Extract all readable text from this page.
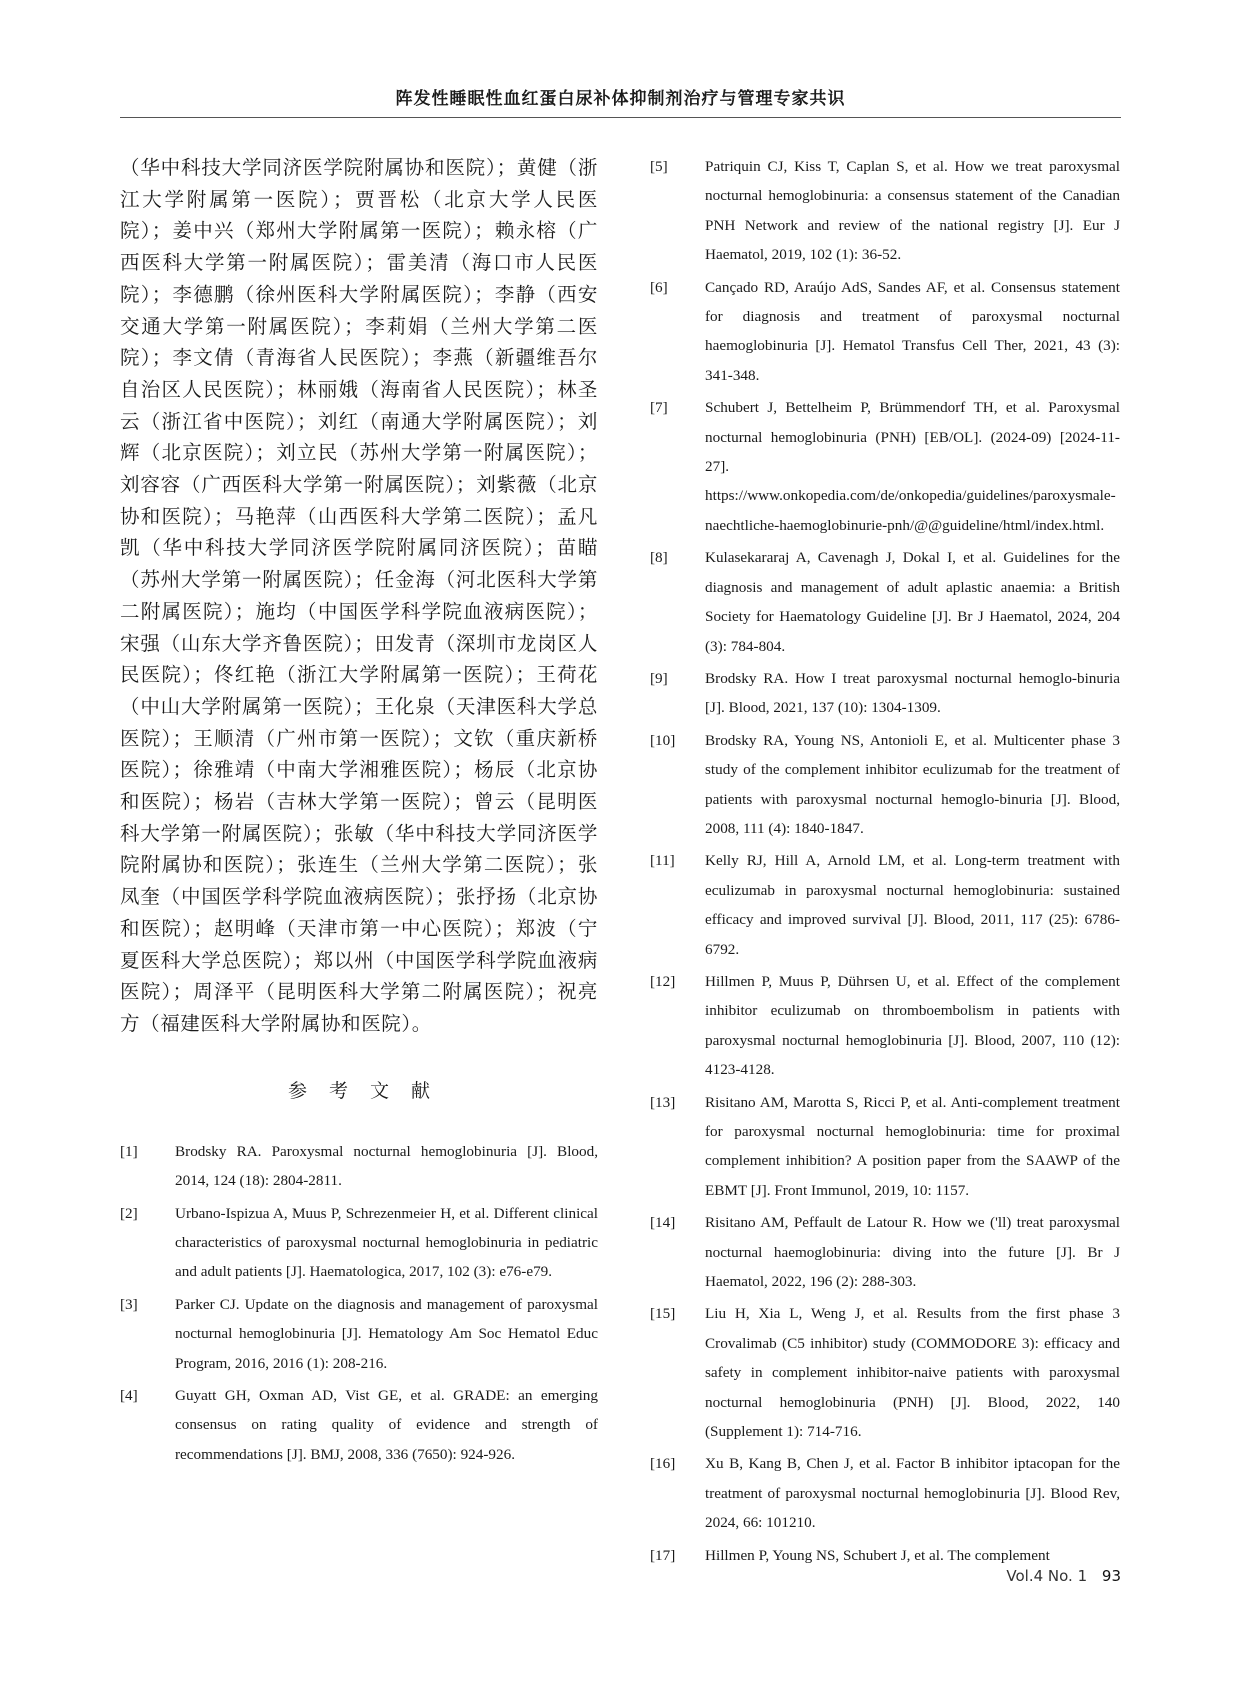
阵发性睡眠性血红蛋白尿补体抑制剂治疗与管理专家共识

（华中科技大学同济医学院附属协和医院）；黄健（浙江大学附属第一医院）；贾晋松（北京大学人民医院）；姜中兴（郑州大学附属第一医院）；赖永榕（广西医科大学第一附属医院）；雷美清（海口市人民医院）；李德鹏（徐州医科大学附属医院）；李静（西安交通大学第一附属医院）；李莉娟（兰州大学第二医院）；李文倩（青海省人民医院）；李燕（新疆维吾尔自治区人民医院）；林丽娥（海南省人民医院）；林圣云（浙江省中医院）；刘红（南通大学附属医院）；刘辉（北京医院）；刘立民（苏州大学第一附属医院）；刘容容（广西医科大学第一附属医院）；刘紫薇（北京协和医院）；马艳萍（山西医科大学第二医院）；孟凡凯（华中科技大学同济医学院附属同济医院）；苗瞄（苏州大学第一附属医院）；任金海（河北医科大学第二附属医院）；施均（中国医学科学院血液病医院）；宋强（山东大学齐鲁医院）；田发青（深圳市龙岗区人民医院）；佟红艳（浙江大学附属第一医院）；王荷花（中山大学附属第一医院）；王化泉（天津医科大学总医院）；王顺清（广州市第一医院）；文钦（重庆新桥医院）；徐雅靖（中南大学湘雅医院）；杨辰（北京协和医院）；杨岩（吉林大学第一医院）；曾云（昆明医科大学第一附属医院）；张敏（华中科技大学同济医学院附属协和医院）；张连生（兰州大学第二医院）；张凤奎（中国医学科学院血液病医院）；张抒扬（北京协和医院）；赵明峰（天津市第一中心医院）；郑波（宁夏医科大学总医院）；郑以州（中国医学科学院血液病医院）；周泽平（昆明医科大学第二附属医院）；祝亮方（福建医科大学附属协和医院）。

参考文献
[1]	Brodsky RA. Paroxysmal nocturnal hemoglobinuria [J]. Blood, 2014, 124 (18): 2804-2811.
[2]	Urbano-Ispizua A, Muus P, Schrezenmeier H, et al. Different clinical characteristics of paroxysmal nocturnal hemoglobinuria in pediatric and adult patients [J]. Haematologica, 2017, 102 (3): e76-e79.
[3]	Parker CJ. Update on the diagnosis and management of paroxysmal nocturnal hemoglobinuria [J]. Hematology Am Soc Hematol Educ Program, 2016, 2016 (1): 208-216.
[4]	Guyatt GH, Oxman AD, Vist GE, et al. GRADE: an emerging consensus on rating quality of evidence and strength of recommendations [J]. BMJ, 2008, 336 (7650): 924-926.
[5]	Patriquin CJ, Kiss T, Caplan S, et al. How we treat paroxysmal nocturnal hemoglobinuria: a consensus statement of the Canadian PNH Network and review of the national registry [J]. Eur J Haematol, 2019, 102 (1): 36-52.
[6]	Cançado RD, Araújo AdS, Sandes AF, et al. Consensus statement for diagnosis and treatment of paroxysmal nocturnal haemoglobinuria [J]. Hematol Transfus Cell Ther, 2021, 43 (3): 341-348.
[7]	Schubert J, Bettelheim P, Brümmendorf TH, et al. Paroxysmal nocturnal hemoglobinuria (PNH) [EB/OL]. (2024-09) [2024-11-27]. https://www.onkopedia.com/de/onkopedia/guidelines/paroxysmale-naechtliche-haemoglobinurie-pnh/@@guideline/html/index.html.
[8]	Kulasekararaj A, Cavenagh J, Dokal I, et al. Guidelines for the diagnosis and management of adult aplastic anaemia: a British Society for Haematology Guideline [J]. Br J Haematol, 2024, 204 (3): 784-804.
[9]	Brodsky RA. How I treat paroxysmal nocturnal hemoglo-binuria [J]. Blood, 2021, 137 (10): 1304-1309.
[10]	Brodsky RA, Young NS, Antonioli E, et al. Multicenter phase 3 study of the complement inhibitor eculizumab for the treatment of patients with paroxysmal nocturnal hemoglo-binuria [J]. Blood, 2008, 111 (4): 1840-1847.
[11]	Kelly RJ, Hill A, Arnold LM, et al. Long-term treatment with eculizumab in paroxysmal nocturnal hemoglobinuria: sustained efficacy and improved survival [J]. Blood, 2011, 117 (25): 6786-6792.
[12]	Hillmen P, Muus P, Dührsen U, et al. Effect of the complement inhibitor eculizumab on thromboembolism in patients with paroxysmal nocturnal hemoglobinuria [J]. Blood, 2007, 110 (12): 4123-4128.
[13]	Risitano AM, Marotta S, Ricci P, et al. Anti-complement treatment for paroxysmal nocturnal hemoglobinuria: time for proximal complement inhibition? A position paper from the SAAWP of the EBMT [J]. Front Immunol, 2019, 10: 1157.
[14]	Risitano AM, Peffault de Latour R. How we ('ll) treat paroxysmal nocturnal haemoglobinuria: diving into the future [J]. Br J Haematol, 2022, 196 (2): 288-303.
[15]	Liu H, Xia L, Weng J, et al. Results from the first phase 3 Crovalimab (C5 inhibitor) study (COMMODORE 3): efficacy and safety in complement inhibitor-naive patients with paroxysmal nocturnal hemoglobinuria (PNH) [J]. Blood, 2022, 140 (Supplement 1): 714-716.
[16]	Xu B, Kang B, Chen J, et al. Factor B inhibitor iptacopan for the treatment of paroxysmal nocturnal hemoglobinuria [J]. Blood Rev, 2024, 66: 101210.
[17]	Hillmen P, Young NS, Schubert J, et al. The complement
Vol.4 No. 1 93
